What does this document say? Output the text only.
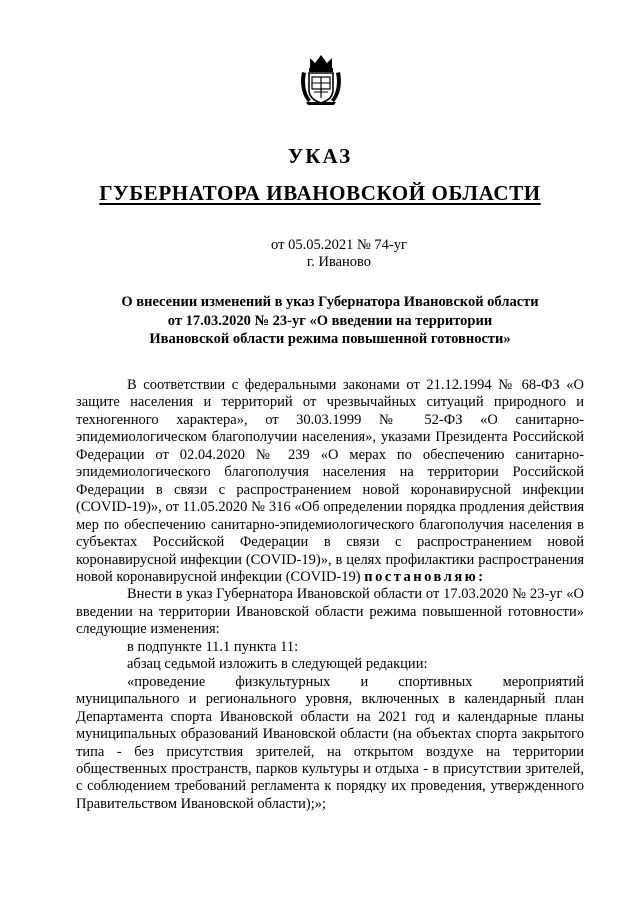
УКАЗ
ГУБЕРНАТОРА ИВАНОВСКОЙ ОБЛАСТИ
от 05.05.2021 № 74-уг
г. Иваново
О внесении изменений в указ Губернатора Ивановской области
от 17.03.2020 № 23-уг «О введении на территории
Ивановской области режима повышенной готовности»

В соответствии с федеральными законами от 21.12.1994 № 68-ФЗ «О защите населения и территорий от чрезвычайных ситуаций природного и техногенного характера», от 30.03.1999 № 52-ФЗ «О санитарно-эпидемиологическом благополучии населения», указами Президента Российской Федерации от 02.04.2020 № 239 «О мерах по обеспечению санитарно-эпидемиологического благополучия населения на территории Российской Федерации в связи с распространением новой коронавирусной инфекции (COVID-19)», от 11.05.2020 № 316 «Об определении порядка продления действия мер по обеспечению санитарно-эпидемиологического благополучия населения в субъектах Российской Федерации в связи с распространением новой коронавирусной инфекции (COVID-19)», в целях профилактики распространения новой коронавирусной инфекции (COVID-19) постановляю:

Внести в указ Губернатора Ивановской области от 17.03.2020 № 23-уг «О введении на территории Ивановской области режима повышенной готовности» следующие изменения:

в подпункте 11.1 пункта 11:

абзац седьмой изложить в следующей редакции:

«проведение физкультурных и спортивных мероприятий муниципального и регионального уровня, включенных в календарный план Департамента спорта Ивановской области на 2021 год и календарные планы муниципальных образований Ивановской области (на объектах спорта закрытого типа - без присутствия зрителей, на открытом воздухе на территории общественных пространств, парков культуры и отдыха - в присутствии зрителей, с соблюдением требований регламента к порядку их проведения, утвержденного Правительством Ивановской области);»;
